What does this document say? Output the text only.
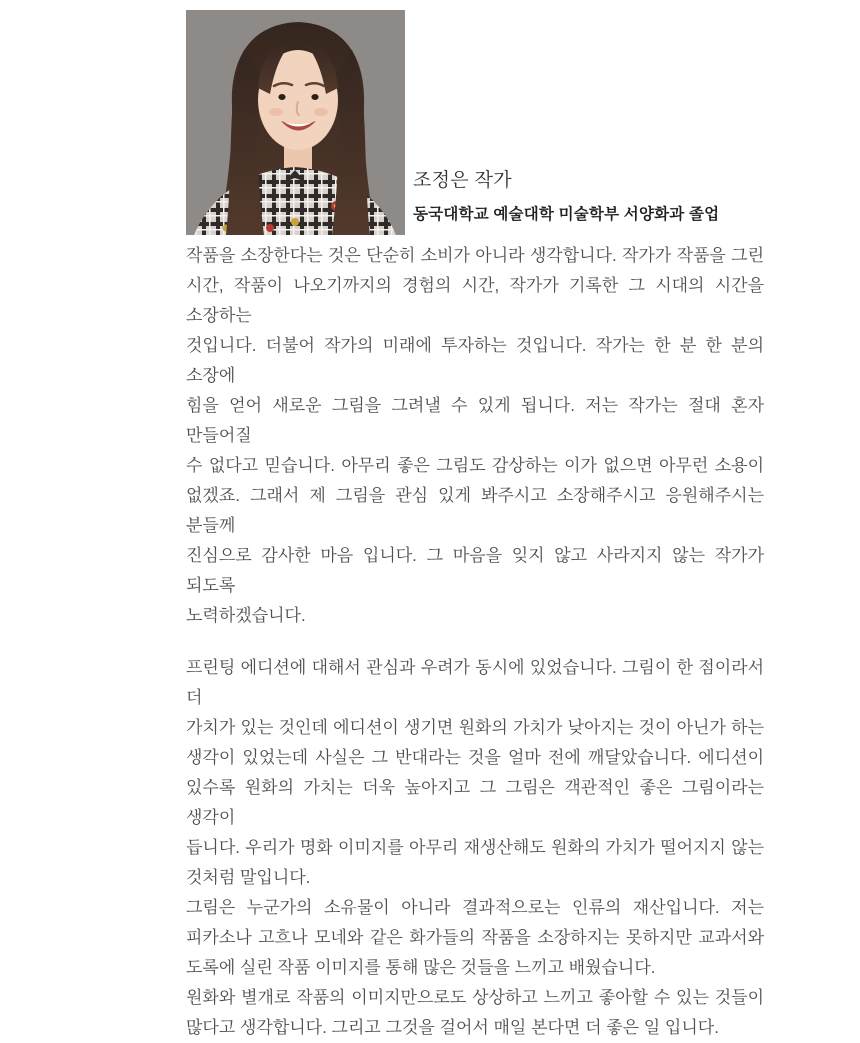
조정은 작가
동국대학교 예술대학 미술학부 서양화과 졸업
작품을 소장한다는 것은 단순히 소비가 아니라 생각합니다. 작가가 작품을 그린
시간, 작품이 나오기까지의 경험의 시간, 작가가 기록한 그 시대의 시간을 소장하는
것입니다. 더불어 작가의 미래에 투자하는 것입니다. 작가는 한 분 한 분의 소장에
힘을 얻어 새로운 그림을 그려낼 수 있게 됩니다. 저는 작가는 절대 혼자 만들어질
수 없다고 믿습니다. 아무리 좋은 그림도 감상하는 이가 없으면 아무런 소용이
없겠죠. 그래서 제 그림을 관심 있게 봐주시고 소장해주시고 응원해주시는 분들께
진심으로 감사한 마음 입니다. 그 마음을 잊지 않고 사라지지 않는 작가가 되도록
노력하겠습니다.
프린팅 에디션에 대해서 관심과 우려가 동시에 있었습니다. 그림이 한 점이라서 더
가치가 있는 것인데 에디션이 생기면 원화의 가치가 낮아지는 것이 아닌가 하는
생각이 있었는데 사실은 그 반대라는 것을 얼마 전에 깨달았습니다. 에디션이
있수록 원화의 가치는 더욱 높아지고 그 그림은 객관적인 좋은 그림이라는 생각이
듭니다. 우리가 명화 이미지를 아무리 재생산해도 원화의 가치가 떨어지지 않는
것처럼 말입니다.
그림은 누군가의 소유물이 아니라 결과적으로는 인류의 재산입니다. 저는
피카소나 고흐나 모네와 같은 화가들의 작품을 소장하지는 못하지만 교과서와
도록에 실린 작품 이미지를 통해 많은 것들을 느끼고 배웠습니다.
원화와 별개로 작품의 이미지만으로도 상상하고 느끼고 좋아할 수 있는 것들이
많다고 생각합니다. 그리고 그것을 걸어서 매일 본다면 더 좋은 일 입니다.
